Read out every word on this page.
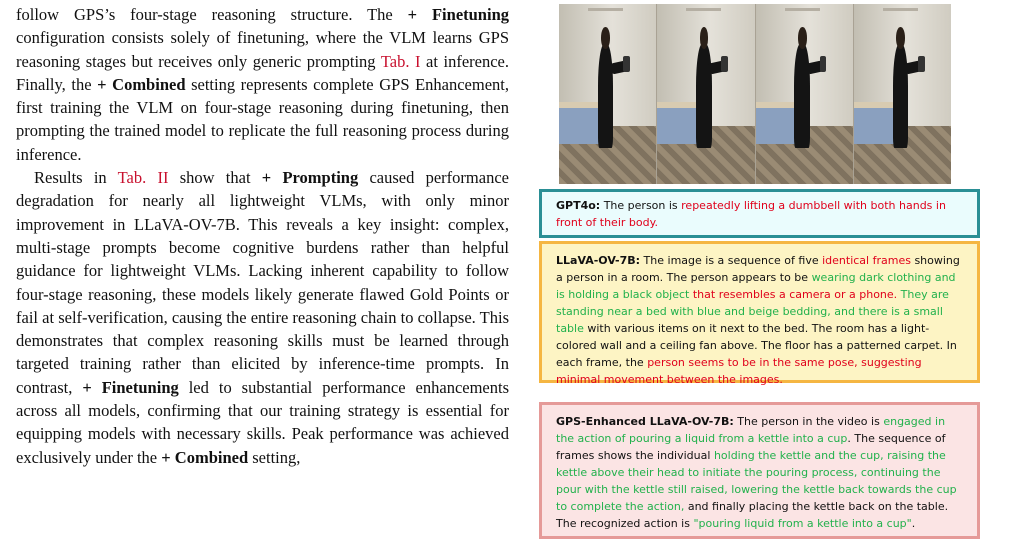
follow GPS’s four-stage reasoning structure. The + Finetuning configuration consists solely of finetuning, where the VLM learns GPS reasoning stages but receives only generic prompting Tab. I at inference. Finally, the + Combined setting represents complete GPS Enhancement, first training the VLM on four-stage reasoning during finetuning, then prompting the trained model to replicate the full reasoning process during inference.

Results in Tab. II show that + Prompting caused performance degradation for nearly all lightweight VLMs, with only minor improvement in LLaVA-OV-7B. This reveals a key insight: complex, multi-stage prompts become cognitive burdens rather than helpful guidance for lightweight VLMs. Lacking inherent capability to follow four-stage reasoning, these models likely generate flawed Gold Points or fail at self-verification, causing the entire reasoning chain to collapse. This demonstrates that complex reasoning skills must be learned through targeted training rather than elicited by inference-time prompts. In contrast, + Finetuning led to substantial performance enhancements across all models, confirming that our training strategy is essential for equipping models with necessary skills. Peak performance was achieved exclusively under the + Combined setting,

GPT4o: The person is repeatedly lifting a dumbbell with both hands in front of their body.
LLaVA-OV-7B: The image is a sequence of five identical frames showing a person in a room. The person appears to be wearing dark clothing and is holding a black object that resembles a camera or a phone. They are standing near a bed with blue and beige bedding, and there is a small table with various items on it next to the bed. The room has a light-colored wall and a ceiling fan above. The floor has a patterned carpet. In each frame, the person seems to be in the same pose, suggesting minimal movement between the images.
GPS-Enhanced LLaVA-OV-7B: The person in the video is engaged in the action of pouring a liquid from a kettle into a cup. The sequence of frames shows the individual holding the kettle and the cup, raising the kettle above their head to initiate the pouring process, continuing the pour with the kettle still raised, lowering the kettle back towards the cup to complete the action, and finally placing the kettle back on the table. The recognized action is "pouring liquid from a kettle into a cup".
